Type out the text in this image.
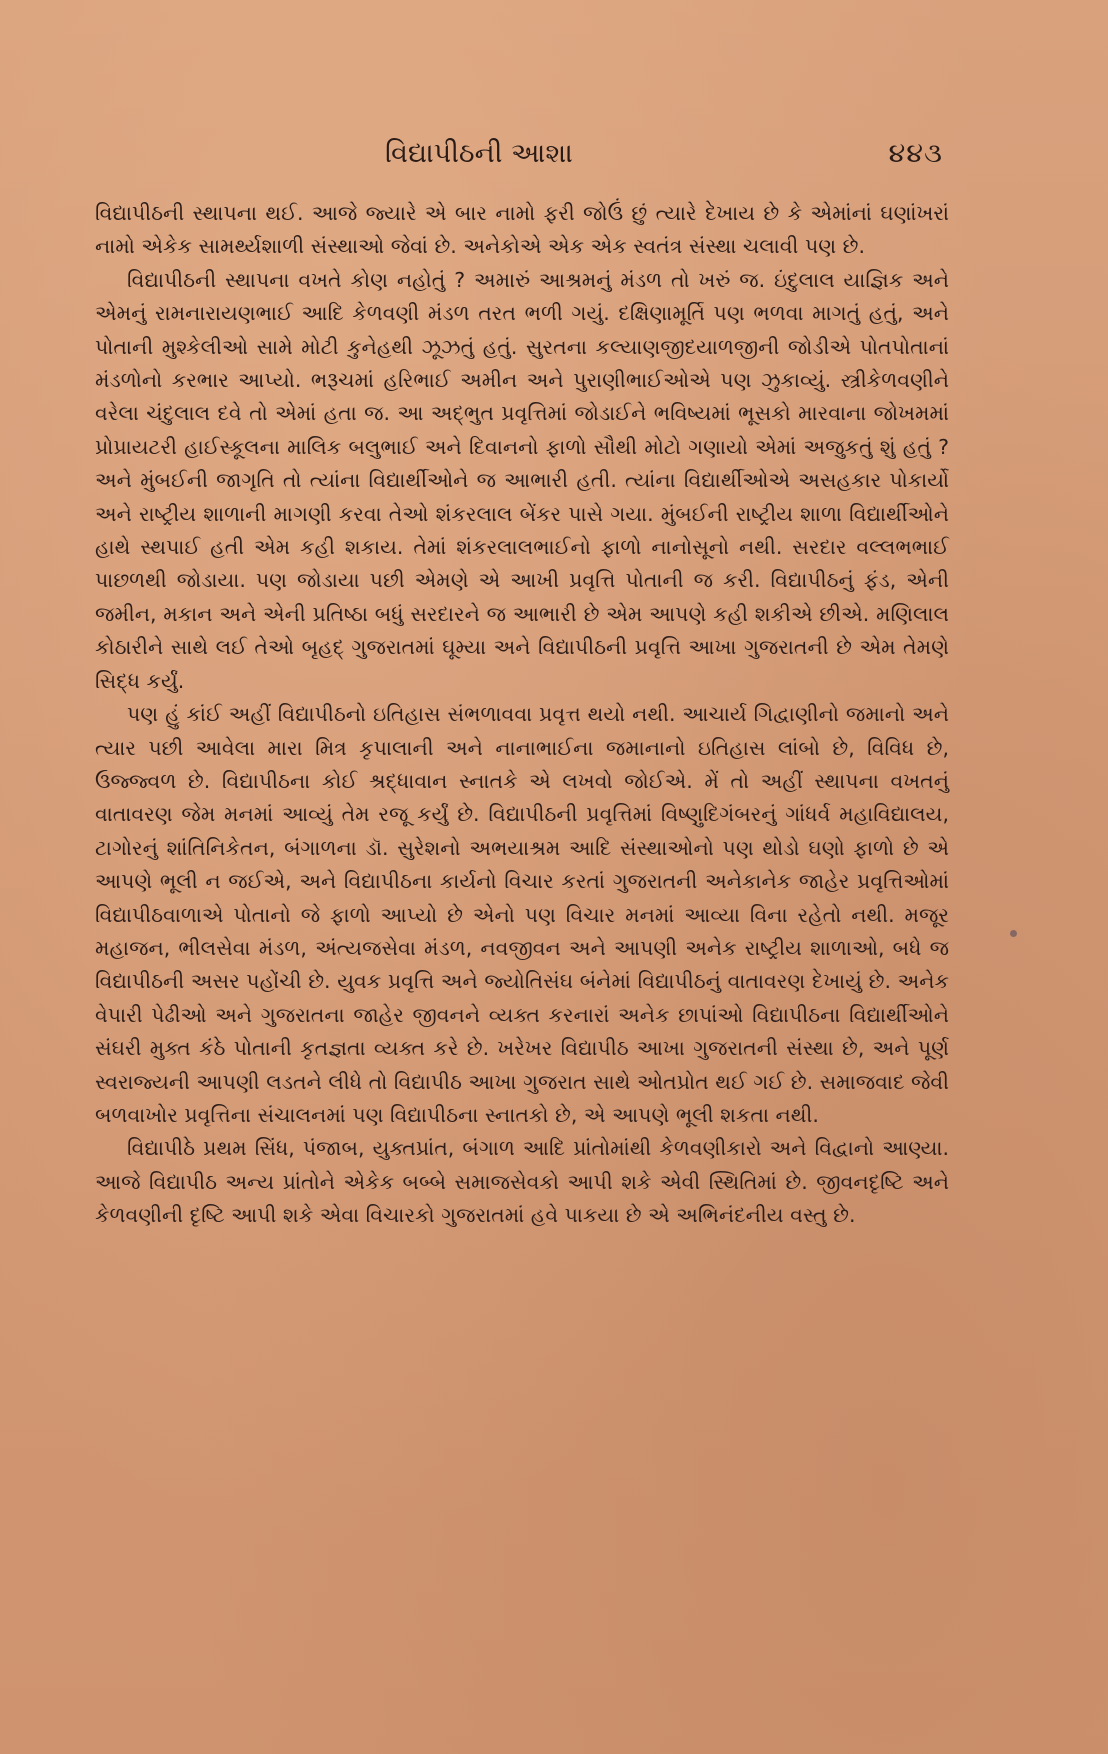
વિદ્યાપીઠની આશા	૪૪૩

વિદ્યાપીઠની સ્થાપના થઈ. આજે જ્યારે એ બાર નામો ફરી જોઉં છું ત્યારે દેખાય છે કે એમાંનાં ઘણાંખરાં નામો એકેક સામર્થ્યશાળી સંસ્થાઓ જેવાં છે. અનેકોએ એક એક સ્વતંત્ર સંસ્થા ચલાવી પણ છે.

વિદ્યાપીઠની સ્થાપના વખતે કોણ નહોતું ? અમારું આશ્રમનું મંડળ તો ખરું જ. ઇંદુલાલ યાજ્ઞિક અને એમનું રામનારાયણભાઈ આદિ કેળવણી મંડળ તરત ભળી ગયું. દક્ષિણામૂર્તિ પણ ભળવા માગતું હતું, અને પોતાની મુશ્કેલીઓ સામે મોટી કુનેહથી ઝૂઝતું હતું. સુરતના કલ્યાણજીદયાળજીની જોડીએ પોતપોતાનાં મંડળોનો કરભાર આપ્યો. ભરૂચમાં હરિભાઈ અમીન અને પુરાણીભાઈઓએ પણ ઝુકાવ્યું. સ્ત્રીકેળવણીને વરેલા ચંદુલાલ દવે તો એમાં હતા જ. આ અદ્ભુત પ્રવૃત્તિમાં જોડાઈને ભવિષ્યમાં ભૂસકો મારવાના જોખમમાં પ્રોપ્રાયટરી હાઈસ્કૂલના માલિક બલુભાઈ અને દિવાનનો ફાળો સૌથી મોટો ગણાયો એમાં અજુકતું શું હતું ? અને મુંબઈની જાગૃતિ તો ત્યાંના વિદ્યાર્થીઓને જ આભારી હતી. ત્યાંના વિદ્યાર્થીઓએ અસહકાર પોકાર્યો અને રાષ્ટ્રીય શાળાની માગણી કરવા તેઓ શંકરલાલ બેંકર પાસે ગયા. મુંબઈની રાષ્ટ્રીય શાળા વિદ્યાર્થીઓને હાથે સ્થપાઈ હતી એમ કહી શકાય. તેમાં શંકરલાલભાઈનો ફાળો નાનોસૂનો નથી. સરદાર વલ્લભભાઈ પાછળથી જોડાયા. પણ જોડાયા પછી એમણે એ આખી પ્રવૃત્તિ પોતાની જ કરી. વિદ્યાપીઠનું ફંડ, એની જમીન, મકાન અને એની પ્રતિષ્ઠા બધું સરદારને જ આભારી છે એમ આપણે કહી શકીએ છીએ. મણિલાલ કોઠારીને સાથે લઈ તેઓ બૃહદ્ ગુજરાતમાં ઘૂમ્યા અને વિદ્યાપીઠની પ્રવૃત્તિ આખા ગુજરાતની છે એમ તેમણે સિદ્ધ કર્યું.

પણ હું કાંઈ અહીં વિદ્યાપીઠનો ઇતિહાસ સંભળાવવા પ્રવૃત્ત થયો નથી. આચાર્ય ગિદ્વાણીનો જમાનો અને ત્યાર પછી આવેલા મારા મિત્ર કૃપાલાની અને નાનાભાઈના જમાનાનો ઇતિહાસ લાંબો છે, વિવિધ છે, ઉજ્જ્વળ છે. વિદ્યાપીઠના કોઈ શ્રદ્ધાવાન સ્નાતકે એ લખવો જોઈએ. મેં તો અહીં સ્થાપના વખતનું વાતાવરણ જેમ મનમાં આવ્યું તેમ રજૂ કર્યું છે. વિદ્યાપીઠની પ્રવૃત્તિમાં વિષ્ણુદિગંબરનું ગાંધર્વ મહાવિદ્યાલય, ટાગોરનું શાંતિનિકેતન, બંગાળના ડૉ. સુરેશનો અભયાશ્રમ આદિ સંસ્થાઓનો પણ થોડો ઘણો ફાળો છે એ આપણે ભૂલી ન જઈએ, અને વિદ્યાપીઠના કાર્યનો વિચાર કરતાં ગુજરાતની અનેકાનેક જાહેર પ્રવૃત્તિઓમાં વિદ્યાપીઠવાળાએ પોતાનો જે ફાળો આપ્યો છે એનો પણ વિચાર મનમાં આવ્યા વિના રહેતો નથી. મજૂર મહાજન, ભીલસેવા મંડળ, અંત્યજસેવા મંડળ, નવજીવન અને આપણી અનેક રાષ્ટ્રીય શાળાઓ, બધે જ વિદ્યાપીઠની અસર પહોંચી છે. યુવક પ્રવૃત્તિ અને જ્યોતિસંઘ બંનેમાં વિદ્યાપીઠનું વાતાવરણ દેખાયું છે. અનેક વેપારી પેઢીઓ અને ગુજરાતના જાહેર જીવનને વ્યક્ત કરનારાં અનેક છાપાંઓ વિદ્યાપીઠના વિદ્યાર્થીઓને સંઘરી મુક્ત કંઠે પોતાની કૃતજ્ઞતા વ્યક્ત કરે છે. ખરેખર વિદ્યાપીઠ આખા ગુજરાતની સંસ્થા છે, અને પૂર્ણ સ્વરાજ્યની આપણી લડતને લીધે તો વિદ્યાપીઠ આખા ગુજરાત સાથે ઓતપ્રોત થઈ ગઈ છે. સમાજવાદ જેવી બળવાખોર પ્રવૃત્તિના સંચાલનમાં પણ વિદ્યાપીઠના સ્નાતકો છે, એ આપણે ભૂલી શકતા નથી.

વિદ્યાપીઠે પ્રથમ સિંધ, પંજાબ, યુક્તપ્રાંત, બંગાળ આદિ પ્રાંતોમાંથી કેળવણીકારો અને વિદ્વાનો આણ્યા. આજે વિદ્યાપીઠ અન્ય પ્રાંતોને એકેક બબ્બે સમાજસેવકો આપી શકે એવી સ્થિતિમાં છે. જીવનદૃષ્ટિ અને કેળવણીની દૃષ્ટિ આપી શકે એવા વિચારકો ગુજરાતમાં હવે પાકયા છે એ અભિનંદનીય વસ્તુ છે.
